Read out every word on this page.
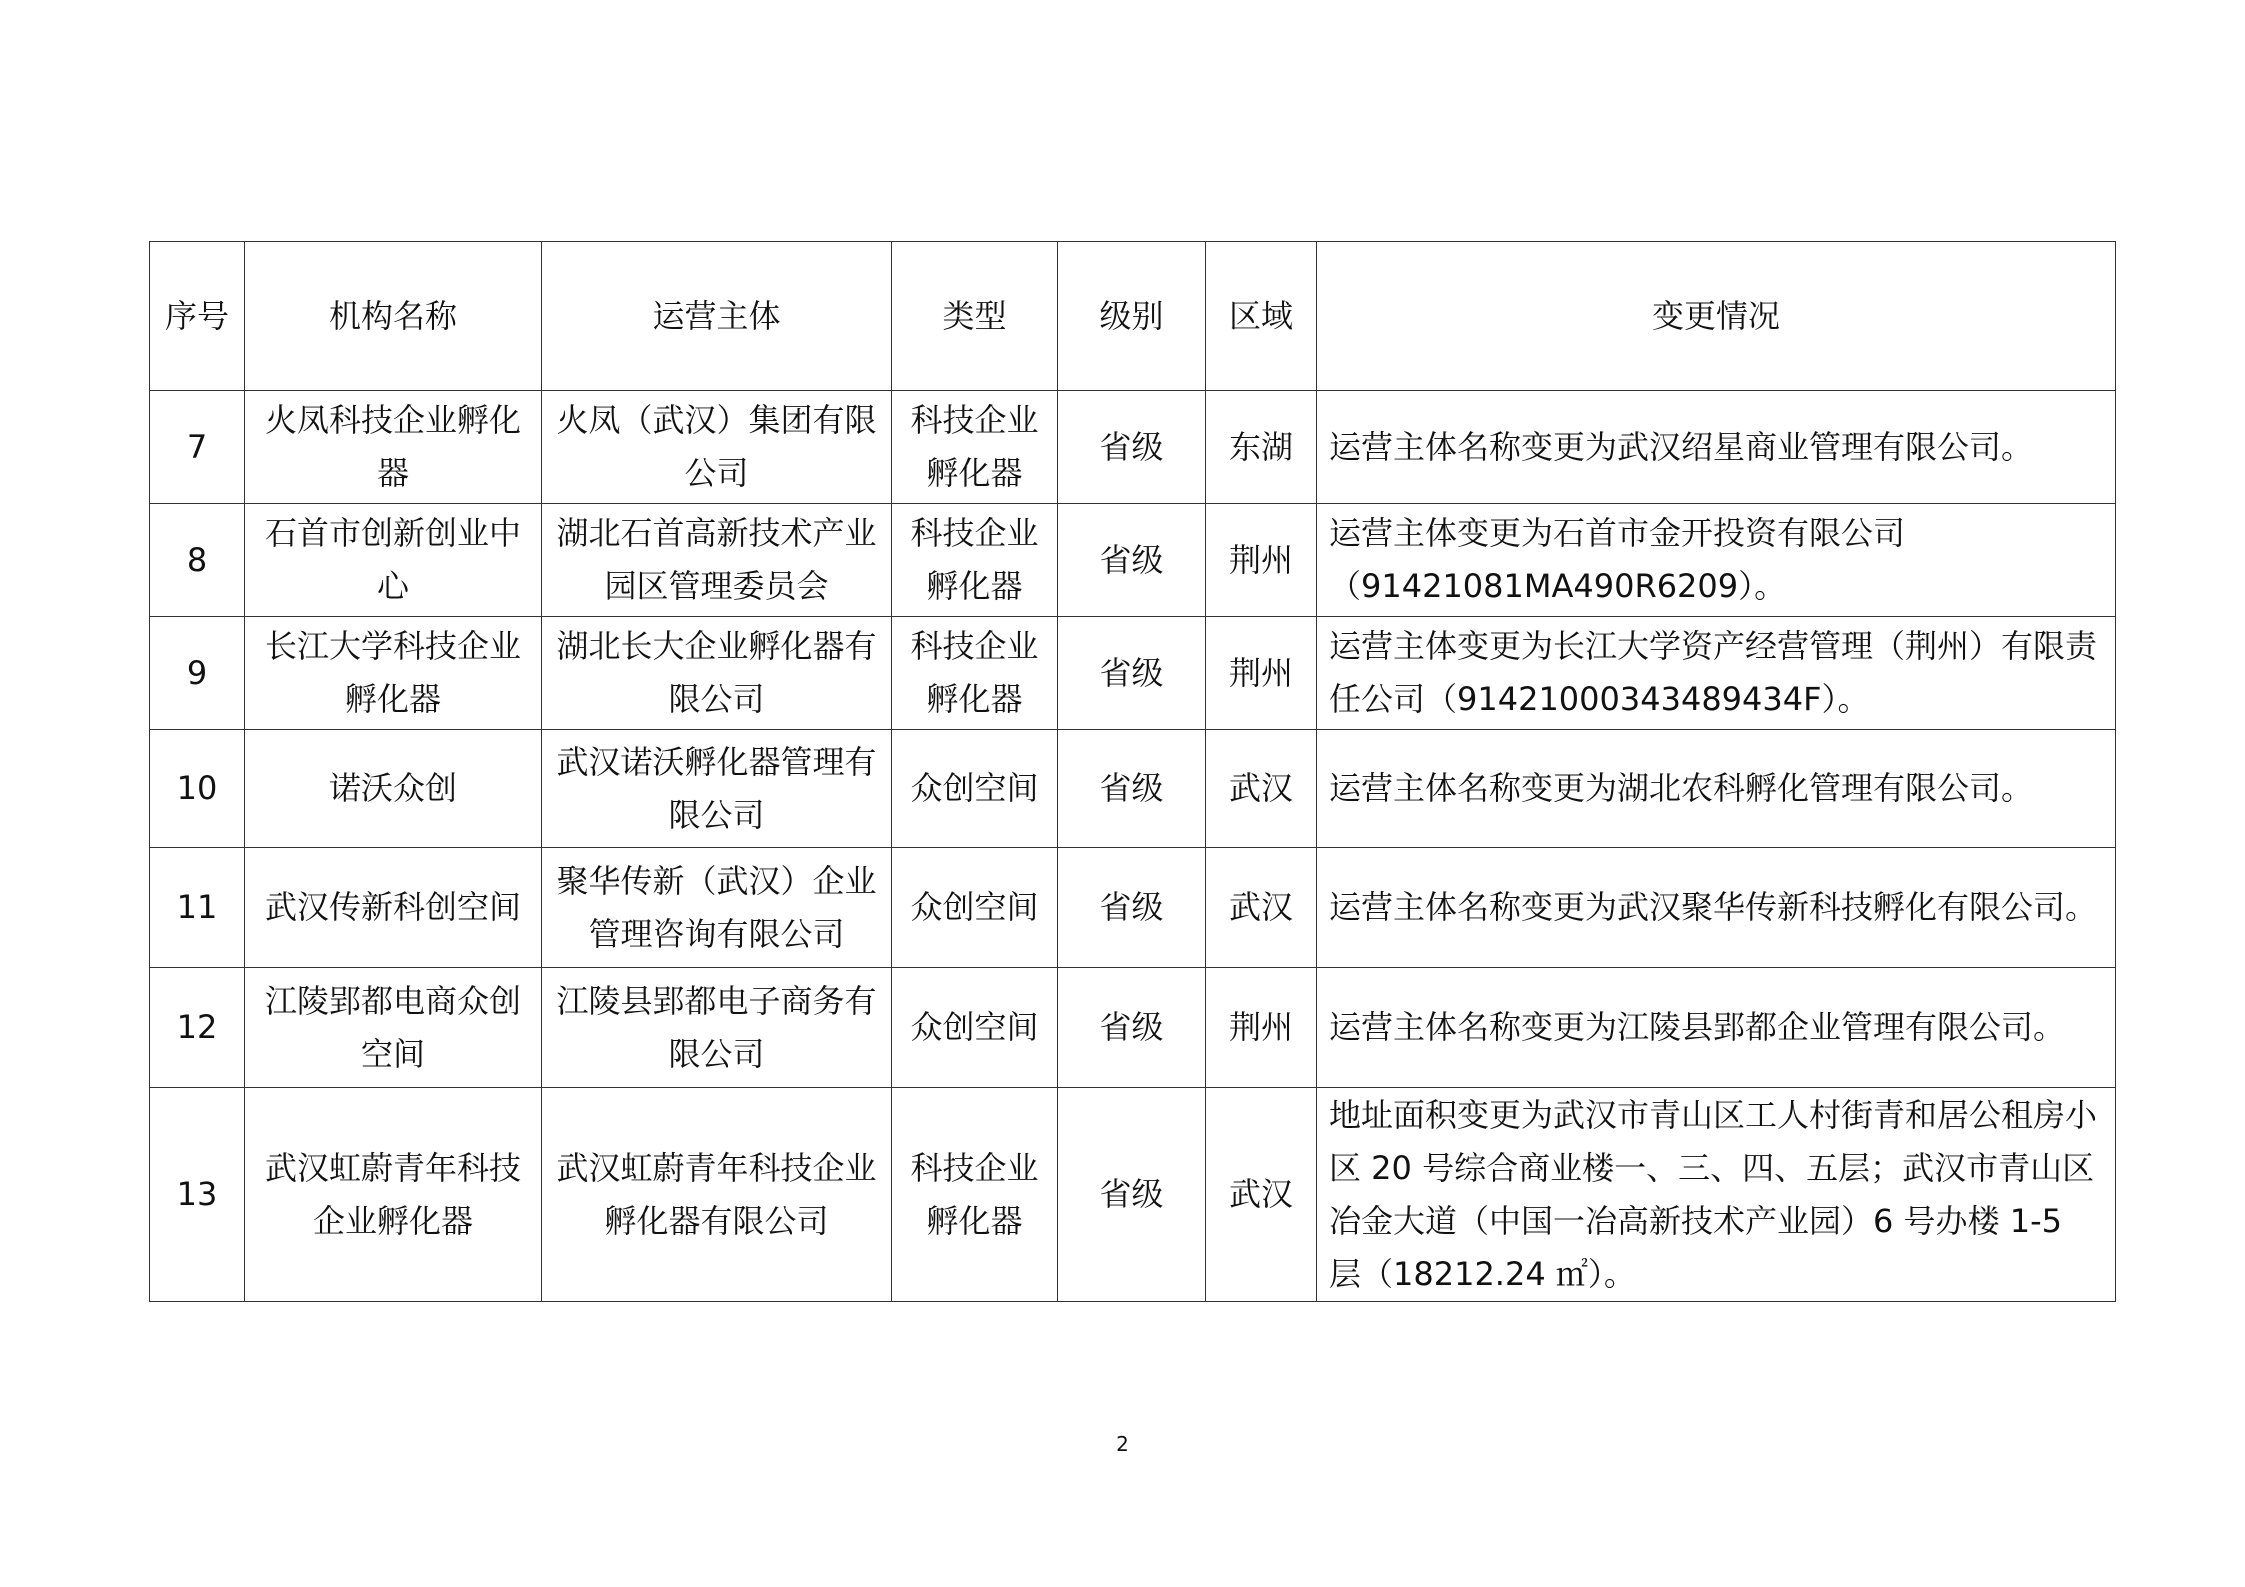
序号	机构名称	运营主体	类型	级别	区域	变更情况
7	火凤科技企业孵化器	火凤（武汉）集团有限公司	科技企业孵化器	省级	东湖	运营主体名称变更为武汉绍星商业管理有限公司。
8	石首市创新创业中心	湖北石首高新技术产业园区管理委员会	科技企业孵化器	省级	荆州	运营主体变更为石首市金开投资有限公司（91421081MA490R6209）。
9	长江大学科技企业孵化器	湖北长大企业孵化器有限公司	科技企业孵化器	省级	荆州	运营主体变更为长江大学资产经营管理（荆州）有限责任公司（914210003434894​34F）。
10	诺沃众创	武汉诺沃孵化器管理有限公司	众创空间	省级	武汉	运营主体名称变更为湖北农科孵化管理有限公司。
11	武汉传新科创空间	聚华传新（武汉）企业管理咨询有限公司	众创空间	省级	武汉	运营主体名称变更为武汉聚华传新科技孵化有限公司。
12	江陵郢都电商众创空间	江陵县郢都电子商务有限公司	众创空间	省级	荆州	运营主体名称变更为江陵县郢都企业管理有限公司。
13	武汉虹蔚青年科技企业孵化器	武汉虹蔚青年科技企业孵化器有限公司	科技企业孵化器	省级	武汉	地址面积变更为武汉市青山区工人村街青和居公租房小区 20 号综合商业楼一、三、四、五层；武汉市青山区冶金大道（中国一冶高新技术产业园）6 号办楼 1-5 层（18212.24 ㎡）。
2
